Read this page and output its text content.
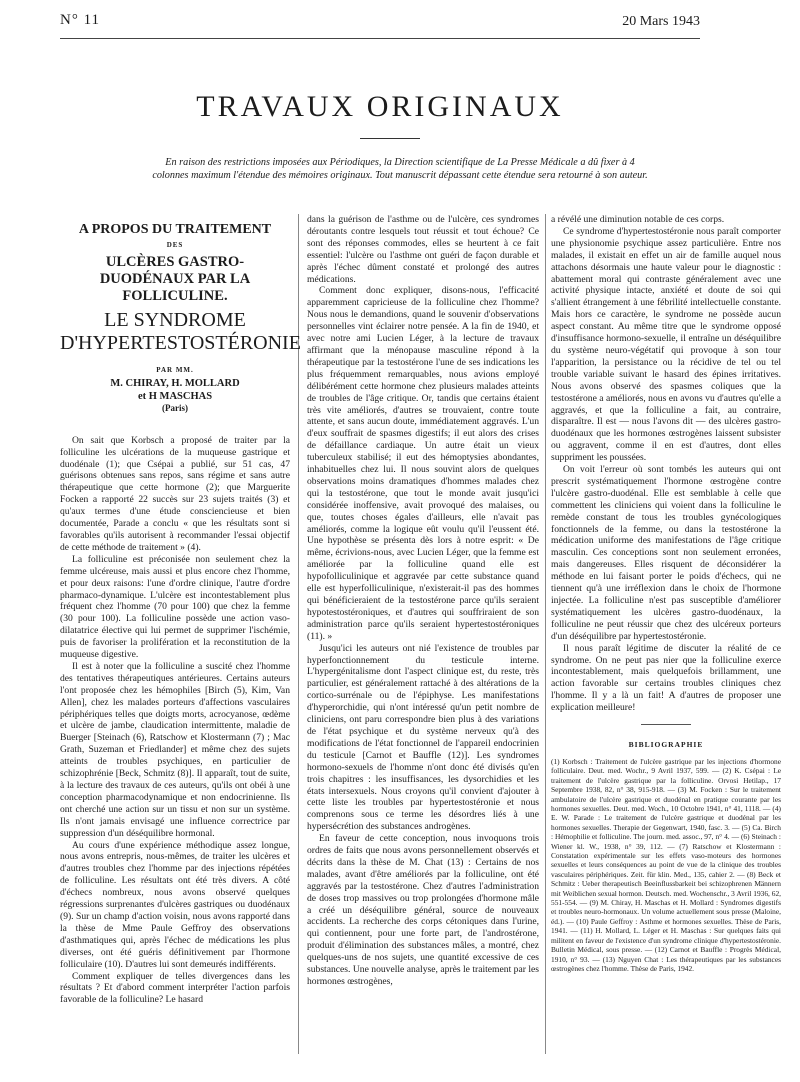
N° 11	20 Mars 1943
TRAVAUX ORIGINAUX
En raison des restrictions imposées aux Périodiques, la Direction scientifique de La Presse Médicale a dû fixer à 4 colonnes maximum l'étendue des mémoires originaux. Tout manuscrit dépassant cette étendue sera retourné à son auteur.
A PROPOS DU TRAITEMENT
DES
ULCÈRES GASTRO-DUODÉNAUX PAR LA FOLLICULINE.
LE SYNDROME D'HYPERTESTOSTÉRONIE
PAR MM.
M. CHIRAY, H. MOLLARD
et H MASCHAS
(Paris)

On sait que Korbsch a proposé de traiter par la folliculine les ulcérations de la muqueuse gastrique et duodénale (1); que Csépai a publié, sur 51 cas, 47 guérisons obtenues sans repos, sans régime et sans autre thérapeutique que cette hormone (2); que Marguerite Focken a rapporté 22 succès sur 23 sujets traités (3) et qu'aux termes d'une étude consciencieuse et bien documentée, Parade a conclu « que les résultats sont si favorables qu'ils autorisent à recommander l'essai objectif de cette méthode de traitement » (4).

La folliculine est préconisée non seulement chez la femme ulcéreuse, mais aussi et plus encore chez l'homme, et pour deux raisons: l'une d'ordre clinique, l'autre d'ordre pharmaco-dynamique. L'ulcère est incontestablement plus fréquent chez l'homme (70 pour 100) que chez la femme (30 pour 100). La folliculine possède une action vaso-dilatatrice élective qui lui permet de supprimer l'ischémie, puis de favoriser la prolifération et la reconstitution de la muqueuse digestive.

Il est à noter que la folliculine a suscité chez l'homme des tentatives thérapeutiques antérieures. Certains auteurs l'ont proposée chez les hémophiles [Birch (5), Kim, Van Allen], chez les malades porteurs d'affections vasculaires périphériques telles que doigts morts, acrocyanose, œdème et ulcère de jambe, claudication intermittente, maladie de Buerger [Steinach (6), Ratschow et Klostermann (7) ; Mac Grath, Suzeman et Friedlander] et même chez des sujets atteints de troubles psychiques, en particulier de schizophrénie [Beck, Schmitz (8)]. Il apparaît, tout de suite, à la lecture des travaux de ces auteurs, qu'ils ont obéi à une conception pharmacodynamique et non endocrinienne. Ils ont cherché une action sur un tissu et non sur un système. Ils n'ont jamais envisagé une influence correctrice par suppression d'un déséquilibre hormonal.

Au cours d'une expérience méthodique assez longue, nous avons entrepris, nous-mêmes, de traiter les ulcères et d'autres troubles chez l'homme par des injections répétées de folliculine. Les résultats ont été très divers. A côté d'échecs nombreux, nous avons observé quelques régressions surprenantes d'ulcères gastriques ou duodénaux (9). Sur un champ d'action voisin, nous avons rapporté dans la thèse de Mme Paule Geffroy des observations d'asthmatiques qui, après l'échec de médications les plus diverses, ont été guéris définitivement par l'hormone folliculaire (10). D'autres lui sont demeurés indifférents.

Comment expliquer de telles divergences dans les résultats ? Et d'abord comment interpréter l'action parfois favorable de la folliculine? Le hasard

dans la guérison de l'asthme ou de l'ulcère, ces syndromes déroutants contre lesquels tout réussit et tout échoue? Ce sont des réponses commodes, elles se heurtent à ce fait essentiel: l'ulcère ou l'asthme ont guéri de façon durable et après l'échec dûment constaté et prolongé des autres médications.

Comment donc expliquer, disons-nous, l'efficacité apparemment capricieuse de la folliculine chez l'homme? Nous nous le demandions, quand le souvenir d'observations personnelles vint éclairer notre pensée. A la fin de 1940, et avec notre ami Lucien Léger, à la lecture de travaux affirmant que la ménopause masculine répond à la thérapeutique par la testostérone l'une de ses indications les plus fréquemment remarquables, nous avions employé délibérément cette hormone chez plusieurs malades atteints de troubles de l'âge critique. Or, tandis que certains étaient très vite améliorés, d'autres se trouvaient, contre toute attente, et sans aucun doute, immédiatement aggravés. L'un d'eux souffrait de spasmes digestifs; il eut alors des crises de défaillance cardiaque. Un autre était un vieux tuberculeux stabilisé; il eut des hémoptysies abondantes, inhabituelles chez lui. Il nous souvint alors de quelques observations moins dramatiques d'hommes malades chez qui la testostérone, que tout le monde avait jusqu'ici considérée inoffensive, avait provoqué des malaises, ou que, toutes choses égales d'ailleurs, elle n'avait pas améliorés, comme la logique eût voulu qu'il l'eussent été. Une hypothèse se présenta dès lors à notre esprit: « De même, écrivions-nous, avec Lucien Léger, que la femme est améliorée par la folliculine quand elle est hypofolliculinique et aggravée par cette substance quand elle est hyperfolliculinique, n'existerait-il pas des hommes qui bénéficieraient de la testostérone parce qu'ils seraient hypotestostéroniques, et d'autres qui souffriraient de son administration parce qu'ils seraient hypertestostéroniques (11). »

Jusqu'ici les auteurs ont nié l'existence de troubles par hyperfonctionnement du testicule interne. L'hypergénitalisme dont l'aspect clinique est, du reste, très particulier, est généralement rattaché à des altérations de la cortico-surrénale ou de l'épiphyse. Les manifestations d'hyperorchidie, qui n'ont intéressé qu'un petit nombre de cliniciens, ont paru correspondre bien plus à des variations de l'état psychique et du système nerveux qu'à des modifications de l'état fonctionnel de l'appareil endocrinien du testicule [Carnot et Bauffle (12)]. Les syndromes hormono-sexuels de l'homme n'ont donc été divisés qu'en trois chapitres : les insuffisances, les dysorchidies et les états intersexuels. Nous croyons qu'il convient d'ajouter à cette liste les troubles par hypertestostéronie et nous comprenons sous ce terme les désordres liés à une hypersécrétion des substances androgènes.

En faveur de cette conception, nous invoquons trois ordres de faits que nous avons personnellement observés et décrits dans la thèse de M. Chat (13) : Certains de nos malades, avant d'être améliorés par la folliculine, ont été aggravés par la testostérone. Chez d'autres l'administration de doses trop massives ou trop prolongées d'hormone mâle a créé un déséquilibre général, source de nouveaux accidents. La recherche des corps cétoniques dans l'urine, qui contiennent, pour une forte part, de l'androstérone, produit d'élimination des substances mâles, a montré, chez quelques-uns de nos sujets, une quantité excessive de ces substances. Une nouvelle analyse, après le traitement par les hormones œstrogènes,

a révélé une diminution notable de ces corps.

Ce syndrome d'hypertestostéronie nous paraît comporter une physionomie psychique assez particulière. Entre nos malades, il existait en effet un air de famille auquel nous attachons désormais une haute valeur pour le diagnostic : abattement moral qui contraste généralement avec une activité physique intacte, anxiété et doute de soi qui s'allient étrangement à une fébrilité intellectuelle constante. Mais hors ce caractère, le syndrome ne possède aucun aspect constant. Au même titre que le syndrome opposé d'insuffisance hormono-sexuelle, il entraîne un déséquilibre du système neuro-végétatif qui provoque à son tour l'apparition, la persistance ou la récidive de tel ou tel trouble variable suivant le hasard des épines irritatives. Nous avons observé des spasmes coliques que la testostérone a améliorés, nous en avons vu d'autres qu'elle a aggravés, et que la folliculine a fait, au contraire, disparaître. Il est — nous l'avons dit — des ulcères gastro-duodénaux que les hormones œstrogènes laissent subsister ou aggravent, comme il en est d'autres, dont elles suppriment les poussées.

On voit l'erreur où sont tombés les auteurs qui ont prescrit systématiquement l'hormone œstrogène contre l'ulcère gastro-duodénal. Elle est semblable à celle que commettent les cliniciens qui voient dans la folliculine le remède constant de tous les troubles gynécologiques fonctionnels de la femme, ou dans la testostérone la médication uniforme des manifestations de l'âge critique masculin. Ces conceptions sont non seulement erronées, mais dangereuses. Elles risquent de déconsidérer la méthode en lui faisant porter le poids d'échecs, qui ne tiennent qu'à une irréflexion dans le choix de l'hormone injectée. La folliculine n'est pas susceptible d'améliorer systématiquement les ulcères gastro-duodénaux, la folliculine ne peut réussir que chez des ulcéreux porteurs d'un déséquilibre par hypertestostéronie.

Il nous paraît légitime de discuter la réalité de ce syndrome. On ne peut pas nier que la folliculine exerce incontestablement, mais quelquefois brillamment, une action favorable sur certains troubles cliniques chez l'homme. Il y a là un fait! A d'autres de proposer une explication meilleure!

BIBLIOGRAPHIE
(1) Korbsch : Traitement de l'ulcère gastrique par les injections d'hormone folliculaire. Deut. med. Wochr., 9 Avril 1937, 599. — (2) K. Csépai : Le traitement de l'ulcère gastrique par la folliculine. Orvosi Hetilap., 17 Septembre 1938, 82, n° 38, 915-918. — (3) M. Focken : Sur le traitement ambulatoire de l'ulcère gastrique et duodénal en pratique courante par les hormones sexuelles. Deut. med. Woch., 10 Octobre 1941, n° 41, 1118. — (4) E. W. Parade : Le traitement de l'ulcère gastrique et duodénal par les hormones sexuelles. Therapie der Gegenwart, 1940, fasc. 3. — (5) Ca. Birch : Hémophilie et folliculine. The journ. med. assoc., 97, n° 4. — (6) Steinach : Wiener kl. W., 1938, n° 39, 112. — (7) Ratschow et Klostermann : Constatation expérimentale sur les effets vaso-moteurs des hormones sexuelles et leurs conséquences au point de vue de la clinique des troubles vasculaires périphériques. Zeit. für klin. Med., 135, cahier 2. — (8) Beck et Schmitz : Ueber therapeutisch Beeinflussbarkeit bei schizophrenen Männern mit Weiblichen sexual hormon. Deutsch. med. Wochenschr., 3 Avril 1936, 62, 551-554. — (9) M. Chiray, H. Maschas et H. Mollard : Syndromes digestifs et troubles neuro-hormonaux. Un volume actuellement sous presse (Maloine, éd.). — (10) Paule Geffroy : Asthme et hormones sexuelles. Thèse de Paris, 1941. — (11) H. Mollard, L. Léger et H. Maschas : Sur quelques faits qui militent en faveur de l'existence d'un syndrome clinique d'hypertestostéronie. Bulletin Médical, sous presse. — (12) Carnot et Bauffle : Progrès Médical, 1910, n° 93. — (13) Nguyen Chat : Les thérapeutiques par les substances œstrogènes chez l'homme. Thèse de Paris, 1942.
